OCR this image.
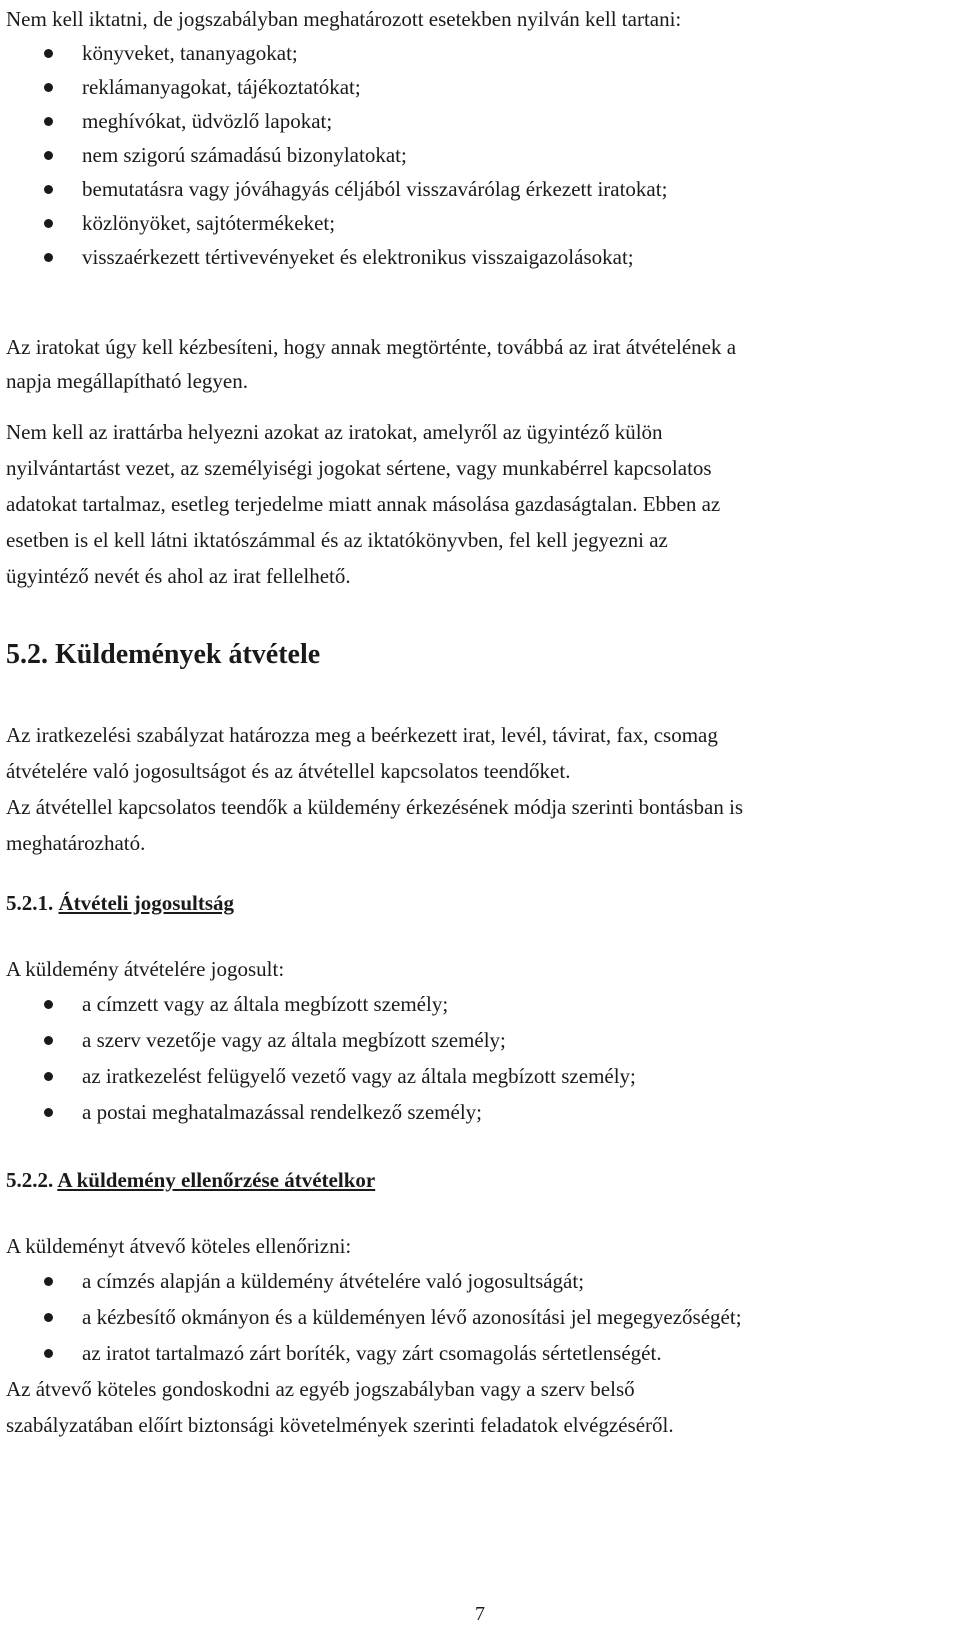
Nem kell iktatni, de jogszabályban meghatározott esetekben nyilván kell tartani:
könyveket, tananyagokat;
reklámanyagokat, tájékoztatókat;
meghívókat, üdvözlő lapokat;
nem szigorú számadású bizonylatokat;
bemutatásra vagy jóváhagyás céljából visszavárólag érkezett iratokat;
közlönyöket, sajtótermékeket;
visszaérkezett tértivevényeket és elektronikus visszaigazolásokat;
Az iratokat úgy kell kézbesíteni, hogy annak megtörténte, továbbá az irat átvételének a
napja megállapítható legyen.
Nem kell az irattárba helyezni azokat az iratokat, amelyről az ügyintéző külön
nyilvántartást vezet, az személyiségi jogokat sértene, vagy munkabérrel kapcsolatos
adatokat tartalmaz, esetleg terjedelme miatt annak másolása gazdaságtalan. Ebben az
esetben is el kell látni iktatószámmal és az iktatókönyvben, fel kell jegyezni az
ügyintéző nevét és ahol az irat fellelhető.
5.2. Küldemények átvétele
Az iratkezelési szabályzat határozza meg a beérkezett irat, levél, távirat, fax, csomag
átvételére való jogosultságot és az átvétellel kapcsolatos teendőket.
Az átvétellel kapcsolatos teendők a küldemény érkezésének módja szerinti bontásban is
meghatározható.
5.2.1. Átvételi jogosultság
A küldemény átvételére jogosult:
a címzett vagy az általa megbízott személy;
a szerv vezetője vagy az általa megbízott személy;
az iratkezelést felügyelő vezető vagy az általa megbízott személy;
a postai meghatalmazással rendelkező személy;
5.2.2. A küldemény ellenőrzése átvételkor
A küldeményt átvevő köteles ellenőrizni:
a címzés alapján a küldemény átvételére való jogosultságát;
a kézbesítő okmányon és a küldeményen lévő azonosítási jel megegyezőségét;
az iratot tartalmazó zárt boríték, vagy zárt csomagolás sértetlenségét.
Az átvevő köteles gondoskodni az egyéb jogszabályban vagy a szerv belső
szabályzatában előírt biztonsági követelmények szerinti feladatok elvégzéséről.
7
